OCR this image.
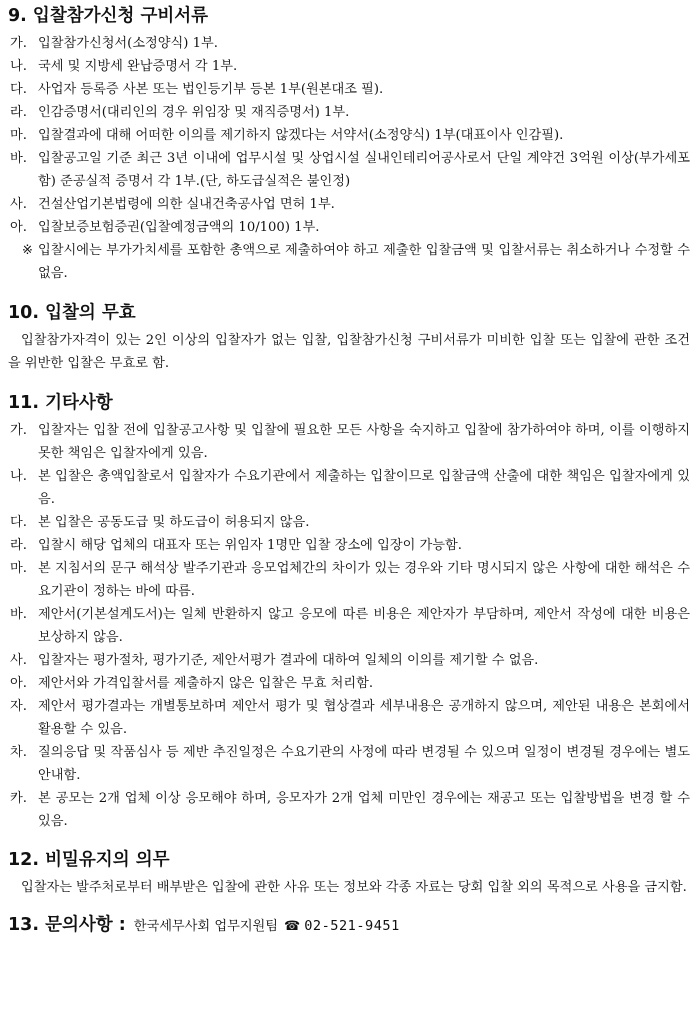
9. 입찰참가신청 구비서류
가. 입찰참가신청서(소정양식) 1부.
나. 국세 및 지방세 완납증명서 각 1부.
다. 사업자 등록증 사본 또는 법인등기부 등본 1부(원본대조 필).
라. 인감증명서(대리인의 경우 위임장 및 재직증명서) 1부.
마. 입찰결과에 대해 어떠한 이의를 제기하지 않겠다는 서약서(소정양식) 1부(대표이사 인감필).
바. 입찰공고일 기준 최근 3년 이내에 업무시설 및 상업시설 실내인테리어공사로서 단일 계약건 3억원 이상(부가세포함) 준공실적 증명서 각 1부.(단, 하도급실적은 불인정)
사. 건설산업기본법령에 의한 실내건축공사업 면허 1부.
아. 입찰보증보험증권(입찰예정금액의 10/100) 1부.
※ 입찰시에는 부가가치세를 포함한 총액으로 제출하여야 하고 제출한 입찰금액 및 입찰서류는 취소하거나 수정할 수 없음.
10. 입찰의 무효

입찰참가자격이 있는 2인 이상의 입찰자가 없는 입찰, 입찰참가신청 구비서류가 미비한 입찰 또는 입찰에 관한 조건을 위반한 입찰은 무효로 함.

11. 기타사항
가. 입찰자는 입찰 전에 입찰공고사항 및 입찰에 필요한 모든 사항을 숙지하고 입찰에 참가하여야 하며, 이를 이행하지 못한 책임은 입찰자에게 있음.
나. 본 입찰은 총액입찰로서 입찰자가 수요기관에서 제출하는 입찰이므로 입찰금액 산출에 대한 책임은 입찰자에게 있음.
다. 본 입찰은 공동도급 및 하도급이 허용되지 않음.
라. 입찰시 해당 업체의 대표자 또는 위임자 1명만 입찰 장소에 입장이 가능함.
마. 본 지침서의 문구 해석상 발주기관과 응모업체간의 차이가 있는 경우와 기타 명시되지 않은 사항에 대한 해석은 수요기관이 정하는 바에 따름.
바. 제안서(기본설계도서)는 일체 반환하지 않고 응모에 따른 비용은 제안자가 부담하며, 제안서 작성에 대한 비용은 보상하지 않음.
사. 입찰자는 평가절차, 평가기준, 제안서평가 결과에 대하여 일체의 이의를 제기할 수 없음.
아. 제안서와 가격입찰서를 제출하지 않은 입찰은 무효 처리함.
자. 제안서 평가결과는 개별통보하며 제안서 평가 및 협상결과 세부내용은 공개하지 않으며, 제안된 내용은 본회에서 활용할 수 있음.
차. 질의응답 및 작품심사 등 제반 추진일정은 수요기관의 사정에 따라 변경될 수 있으며 일정이 변경될 경우에는 별도 안내함.
카. 본 공모는 2개 업체 이상 응모해야 하며, 응모자가 2개 업체 미만인 경우에는 재공고 또는 입찰방법을 변경 할 수 있음.
12. 비밀유지의 의무

입찰자는 발주처로부터 배부받은 입찰에 관한 사유 또는 정보와 각종 자료는 당회 입찰 외의 목적으로 사용을 금지함.

13. 문의사항 : 한국세무사회 업무지원팀 ☎ 02-521-9451
